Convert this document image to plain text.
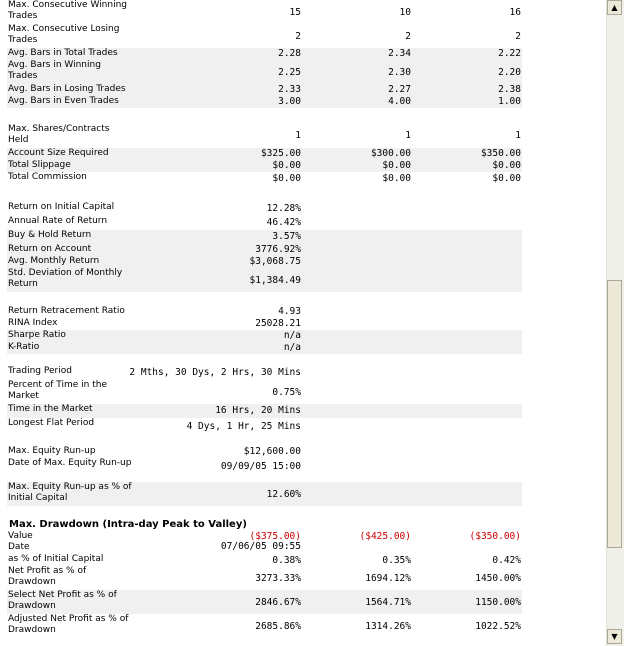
Max. Consecutive Winning Trades	15	10	16
Max. Consecutive Losing Trades	2	2	2
Avg. Bars in Total Trades	2.28	2.34	2.22
Avg. Bars in Winning Trades	2.25	2.30	2.20
Avg. Bars in Losing Trades	2.33	2.27	2.38
Avg. Bars in Even Trades	3.00	4.00	1.00
Max. Shares/Contracts Held	1	1	1
Account Size Required	$325.00	$300.00	$350.00
Total Slippage	$0.00	$0.00	$0.00
Total Commission	$0.00	$0.00	$0.00
Return on Initial Capital	12.28%
Annual Rate of Return	46.42%
Buy & Hold Return	3.57%
Return on Account	3776.92%
Avg. Monthly Return	$3,068.75
Std. Deviation of Monthly Return	$1,384.49
Return Retracement Ratio	4.93
RINA Index	25028.21
Sharpe Ratio	n/a
K-Ratio	n/a
Trading Period	2 Mths, 30 Dys, 2 Hrs, 30 Mins
Percent of Time in the Market	0.75%
Time in the Market	16 Hrs, 20 Mins
Longest Flat Period	4 Dys, 1 Hr, 25 Mins
Max. Equity Run-up	$12,600.00
Date of Max. Equity Run-up	09/09/05 15:00
Max. Equity Run-up as % of Initial Capital	12.60%
Max. Drawdown (Intra-day Peak to Valley)
Value	($375.00)	($425.00)	($350.00)
Date	07/06/05 09:55
as % of Initial Capital	0.38%	0.35%	0.42%
Net Profit as % of Drawdown	3273.33%	1694.12%	1450.00%
Select Net Profit as % of Drawdown	2846.67%	1564.71%	1150.00%
Adjusted Net Profit as % of Drawdown	2685.86%	1314.26%	1022.52%
▲
▼
